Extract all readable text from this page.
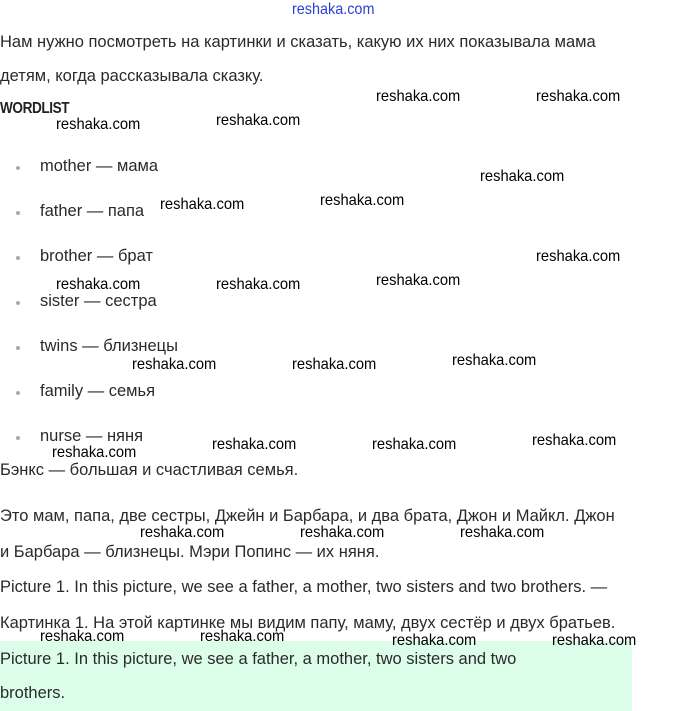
reshaka.com
Нам нужно посмотреть на картинки и сказать, какую их них показывала мама
детям, когда рассказывала сказку.
WORDLIST
mother — мама
father — папа
brother — брат
sister — сестра
twins — близнецы
family — семья
nurse — няня
Бэнкс — большая и счастливая семья.
Это мам, папа, две сестры, Джейн и Барбара, и два брата, Джон и Майкл. Джон
и Барбара — близнецы. Мэри Попинс — их няня.
Picture 1. In this picture, we see a father, a mother, two sisters and two brothers. —
Картинка 1. На этой картинке мы видим папу, маму, двух сестёр и двух братьев.
Picture 1. In this picture, we see a father, a mother, two sisters and two
brothers.
reshaka.com	reshaka.com
reshaka.com	reshaka.com
reshaka.com
reshaka.com	reshaka.com
reshaka.com
reshaka.com	reshaka.com	reshaka.com
reshaka.com	reshaka.com	reshaka.com
reshaka.com	reshaka.com	reshaka.com
reshaka.com
reshaka.com	reshaka.com	reshaka.com
reshaka.com	reshaka.com	reshaka.com	reshaka.com
